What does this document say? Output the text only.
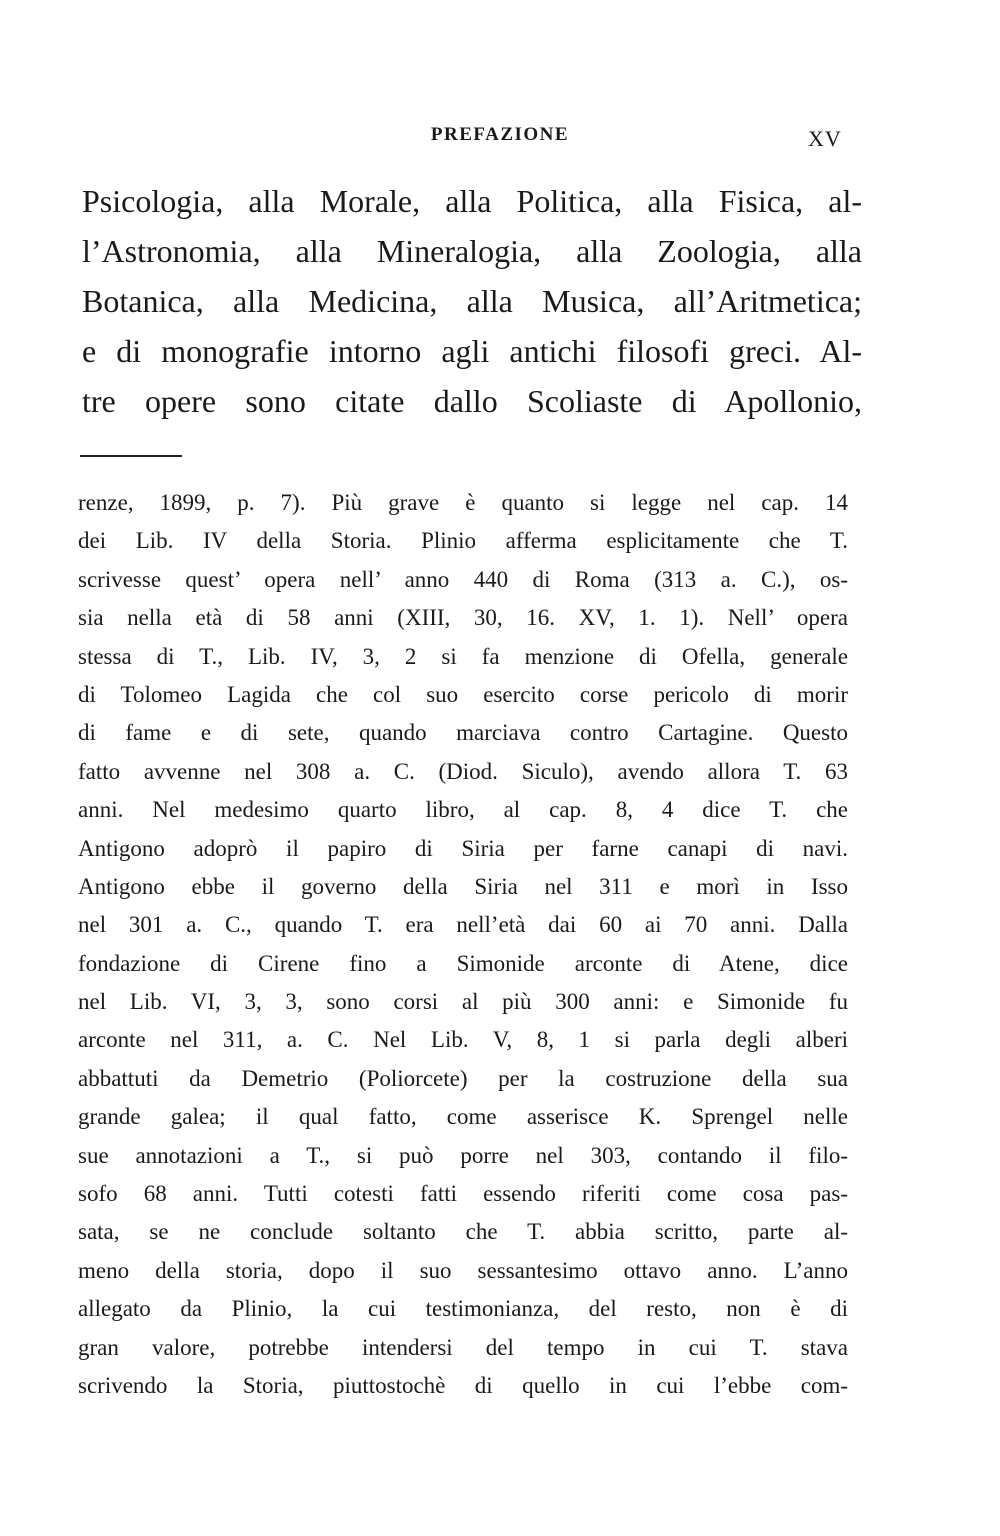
PREFAZIONE	XV
Psicologia, alla Morale, alla Politica, alla Fisica, al-
l’Astronomia, alla Mineralogia, alla Zoologia, alla
Botanica, alla Medicina, alla Musica, all’Aritmetica;
e di monografie intorno agli antichi filosofi greci. Al-
tre opere sono citate dallo Scoliaste di Apollonio,
renze, 1899, p. 7). Più grave è quanto si legge nel cap. 14
dei Lib. IV della Storia. Plinio afferma esplicitamente che T.
scrivesse quest’ opera nell’ anno 440 di Roma (313 a. C.), os-
sia nella età di 58 anni (XIII, 30, 16. XV, 1. 1). Nell’ opera
stessa di T., Lib. IV, 3, 2 si fa menzione di Ofella, generale
di Tolomeo Lagida che col suo esercito corse pericolo di morir
di fame e di sete, quando marciava contro Cartagine. Questo
fatto avvenne nel 308 a. C. (Diod. Siculo), avendo allora T. 63
anni. Nel medesimo quarto libro, al cap. 8, 4 dice T. che
Antigono adoprò il papiro di Siria per farne canapi di navi.
Antigono ebbe il governo della Siria nel 311 e morì in Isso
nel 301 a. C., quando T. era nell’età dai 60 ai 70 anni. Dalla
fondazione di Cirene fino a Simonide arconte di Atene, dice
nel Lib. VI, 3, 3, sono corsi al più 300 anni: e Simonide fu
arconte nel 311, a. C. Nel Lib. V, 8, 1 si parla degli alberi
abbattuti da Demetrio (Poliorcete) per la costruzione della sua
grande galea; il qual fatto, come asserisce K. Sprengel nelle
sue annotazioni a T., si può porre nel 303, contando il filo-
sofo 68 anni. Tutti cotesti fatti essendo riferiti come cosa pas-
sata, se ne conclude soltanto che T. abbia scritto, parte al-
meno della storia, dopo il suo sessantesimo ottavo anno. L’anno
allegato da Plinio, la cui testimonianza, del resto, non è di
gran valore, potrebbe intendersi del tempo in cui T. stava
scrivendo la Storia, piuttostochè di quello in cui l’ebbe com-
